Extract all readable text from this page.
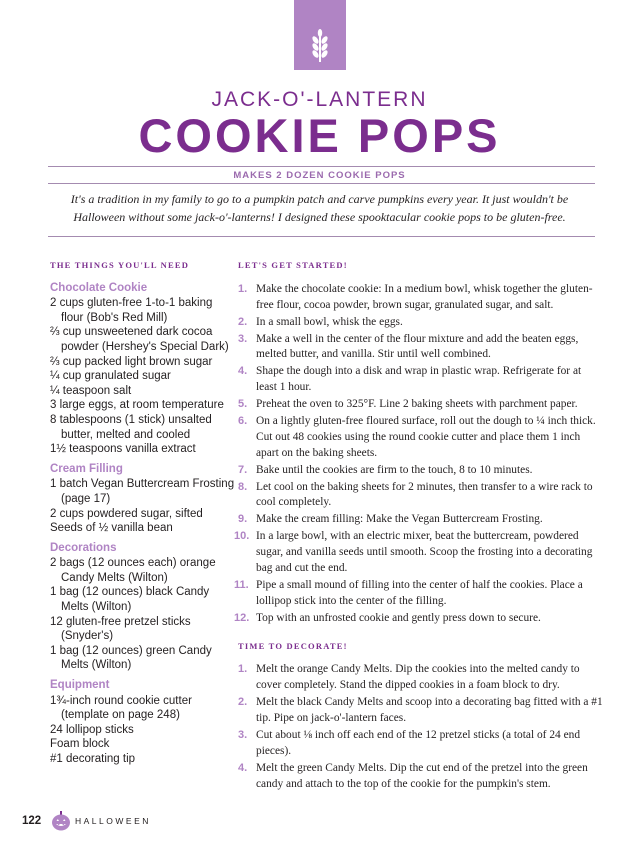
JACK-O'-LANTERN
COOKIE POPS
MAKES 2 DOZEN COOKIE POPS
It's a tradition in my family to go to a pumpkin patch and carve pumpkins every year. It just wouldn't be Halloween without some jack-o'-lanterns! I designed these spooktacular cookie pops to be gluten-free.
THE THINGS YOU'LL NEED
Chocolate Cookie
2 cups gluten-free 1-to-1 baking flour (Bob's Red Mill)
⅔ cup unsweetened dark cocoa powder (Hershey's Special Dark)
⅔ cup packed light brown sugar
¼ cup granulated sugar
¼ teaspoon salt
3 large eggs, at room temperature
8 tablespoons (1 stick) unsalted butter, melted and cooled
1½ teaspoons vanilla extract
Cream Filling
1 batch Vegan Buttercream Frosting (page 17)
2 cups powdered sugar, sifted
Seeds of ½ vanilla bean
Decorations
2 bags (12 ounces each) orange Candy Melts (Wilton)
1 bag (12 ounces) black Candy Melts (Wilton)
12 gluten-free pretzel sticks (Snyder's)
1 bag (12 ounces) green Candy Melts (Wilton)
Equipment
1¾-inch round cookie cutter (template on page 248)
24 lollipop sticks
Foam block
#1 decorating tip
LET'S GET STARTED!
1. Make the chocolate cookie: In a medium bowl, whisk together the gluten-free flour, cocoa powder, brown sugar, granulated sugar, and salt.
2. In a small bowl, whisk the eggs.
3. Make a well in the center of the flour mixture and add the beaten eggs, melted butter, and vanilla. Stir until well combined.
4. Shape the dough into a disk and wrap in plastic wrap. Refrigerate for at least 1 hour.
5. Preheat the oven to 325°F. Line 2 baking sheets with parchment paper.
6. On a lightly gluten-free floured surface, roll out the dough to ¼ inch thick. Cut out 48 cookies using the round cookie cutter and place them 1 inch apart on the baking sheets.
7. Bake until the cookies are firm to the touch, 8 to 10 minutes.
8. Let cool on the baking sheets for 2 minutes, then transfer to a wire rack to cool completely.
9. Make the cream filling: Make the Vegan Buttercream Frosting.
10. In a large bowl, with an electric mixer, beat the buttercream, powdered sugar, and vanilla seeds until smooth. Scoop the frosting into a decorating bag and cut the end.
11. Pipe a small mound of filling into the center of half the cookies. Place a lollipop stick into the center of the filling.
12. Top with an unfrosted cookie and gently press down to secure.
TIME TO DECORATE!
1. Melt the orange Candy Melts. Dip the cookies into the melted candy to cover completely. Stand the dipped cookies in a foam block to dry.
2. Melt the black Candy Melts and scoop into a decorating bag fitted with a #1 tip. Pipe on jack-o'-lantern faces.
3. Cut about ⅛ inch off each end of the 12 pretzel sticks (a total of 24 end pieces).
4. Melt the green Candy Melts. Dip the cut end of the pretzel into the green candy and attach to the top of the cookie for the pumpkin's stem.
122	HALLOWEEN
